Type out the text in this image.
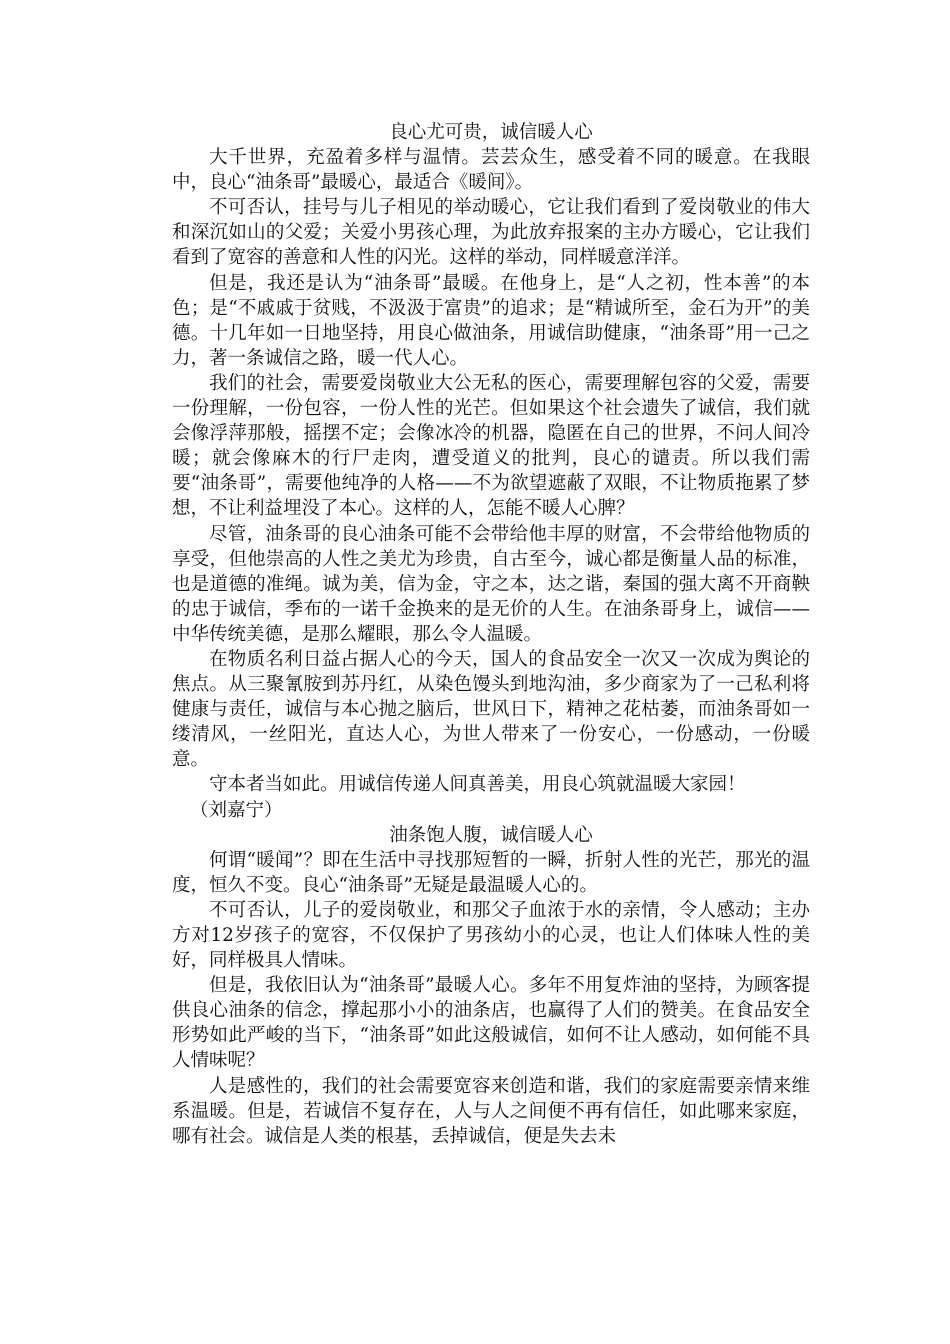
良心尤可贵，诚信暖人心

大千世界，充盈着多样与温情。芸芸众生，感受着不同的暖意。在我眼中，良心“油条哥”最暖心，最适合《暖间》。

不可否认，挂号与儿子相见的举动暖心，它让我们看到了爱岗敬业的伟大和深沉如山的父爱；关爱小男孩心理，为此放弃报案的主办方暖心，它让我们看到了宽容的善意和人性的闪光。这样的举动，同样暖意洋洋。

但是，我还是认为“油条哥”最暖。在他身上，是“人之初，性本善”的本色；是“不戚戚于贫贱，不汲汲于富贵”的追求；是“精诚所至，金石为开”的美德。十几年如一日地坚持，用良心做油条，用诚信助健康，“油条哥”用一己之力，著一条诚信之路，暖一代人心。

我们的社会，需要爱岗敬业大公无私的医心，需要理解包容的父爱，需要一份理解，一份包容，一份人性的光芒。但如果这个社会遗失了诚信，我们就会像浮萍那般，摇摆不定；会像冰冷的机器，隐匿在自己的世界，不问人间冷暖；就会像麻木的行尸走肉，遭受道义的批判，良心的谴责。所以我们需要“油条哥”，需要他纯净的人格——不为欲望遮蔽了双眼，不让物质拖累了梦想，不让利益埋没了本心。这样的人，怎能不暖人心脾？

尽管，油条哥的良心油条可能不会带给他丰厚的财富，不会带给他物质的享受，但他崇高的人性之美尤为珍贵，自古至今，诚心都是衡量人品的标准，也是道德的准绳。诚为美，信为金，守之本，达之谐，秦国的强大离不开商鞅的忠于诚信，季布的一诺千金换来的是无价的人生。在油条哥身上，诚信——中华传统美德，是那么耀眼，那么令人温暖。

在物质名利日益占据人心的今天，国人的食品安全一次又一次成为舆论的焦点。从三聚氰胺到苏丹红，从染色馒头到地沟油，多少商家为了一己私利将健康与责任，诚信与本心抛之脑后，世风日下，精神之花枯萎，而油条哥如一缕清风，一丝阳光，直达人心，为世人带来了一份安心，一份感动，一份暖意。

守本者当如此。用诚信传递人间真善美，用良心筑就温暖大家园！

（刘嘉宁）
油条饱人腹，诚信暖人心

何谓“暖闻”？即在生活中寻找那短暂的一瞬，折射人性的光芒，那光的温度，恒久不变。良心“油条哥”无疑是最温暖人心的。

不可否认，儿子的爱岗敬业，和那父子血浓于水的亲情，令人感动；主办方对12岁孩子的宽容，不仅保护了男孩幼小的心灵，也让人们体味人性的美好，同样极具人情味。

但是，我依旧认为“油条哥”最暖人心。多年不用复炸油的坚持，为顾客提供良心油条的信念，撑起那小小的油条店，也赢得了人们的赞美。在食品安全形势如此严峻的当下，“油条哥”如此这般诚信，如何不让人感动，如何能不具人情味呢？

人是感性的，我们的社会需要宽容来创造和谐，我们的家庭需要亲情来维系温暖。但是，若诚信不复存在，人与人之间便不再有信任，如此哪来家庭，哪有社会。诚信是人类的根基，丢掉诚信，便是失去未
